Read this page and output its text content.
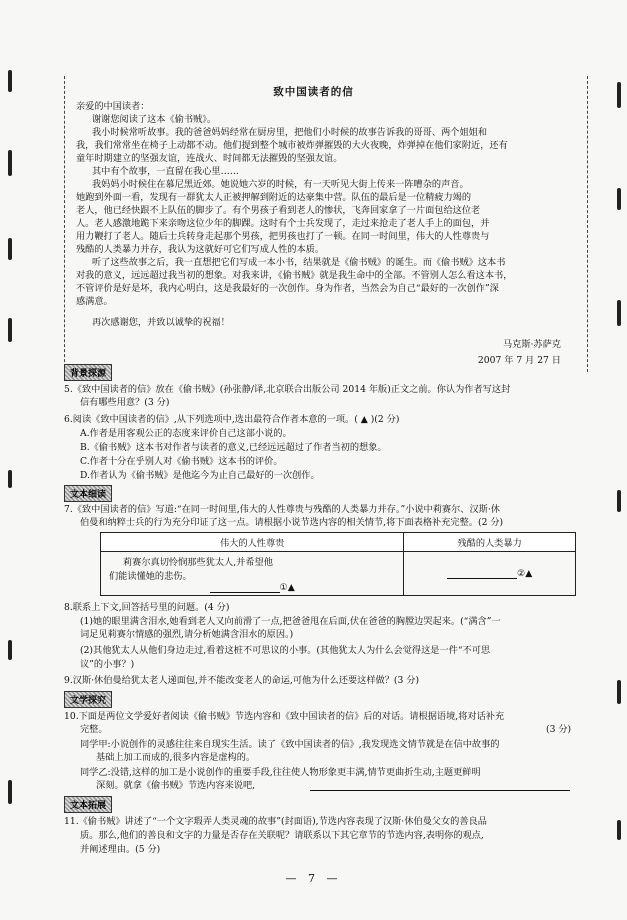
致中国读者的信
亲爱的中国读者：
谢谢您阅读了这本《偷书贼》。
我小时候常听故事。我的爸爸妈妈经常在厨房里，把他们小时候的故事告诉我的哥哥、两个姐姐和
我，我们常常坐在椅子上动都不动。他们提到整个城市被炸弹摧毁的大火夜晚，炸弹掉在他们家附近，还有
童年时期建立的坚强友谊，连战火、时间都无法摧毁的坚强友谊。
其中有个故事，一直留在我心里……
我妈妈小时候住在慕尼黑近郊。她说她六岁的时候，有一天听见大街上传来一阵嘈杂的声音。
她跑到外面一看，发现有一群犹太人正被押解到附近的达豪集中营。队伍的最后是一位精疲力竭的
老人，他已经快跟不上队伍的脚步了。有个男孩子看到老人的惨状，飞奔回家拿了一片面包给这位老
人。老人感激地跪下来亲吻这位少年的脚踝。这时有个士兵发现了，走过来抢走了老人手上的面包，并
用力鞭打了老人。随后士兵转身走起那个男孩，把男孩也打了一顿。在同一时间里，伟大的人性尊贵与
残酷的人类暴力并存，我认为这就好可它们写成人性的本质。
听了这些故事之后，我一直想把它们写成一本小书，结果就是《偷书贼》的诞生。而《偷书贼》这本书
对我的意义，远远超过我当初的想象。对我来讲，《偷书贼》就是我生命中的全部。不管别人怎么看这本书，
不管评价是好是坏，我内心明白，这是我最好的一次创作。身为作者，当然会为自己“最好的一次创作”深
感满意。
再次感谢您，并致以诚挚的祝福！
马克斯·苏萨克
2007 年 7 月 27 日
背景探源
5.《致中国读者的信》放在《偷书贼》(孙张静/译,北京联合出版公司 2014 年版)正文之前。你认为作者写这封
信有哪些用意？(3 分)
6.阅读《致中国读者的信》,从下列选项中,选出最符合作者本意的一项。( ▲ )(2 分)
A.作者是用客观公正的态度来评价自己这部小说的。
B.《偷书贼》这本书对作者与读者的意义,已经远远超过了作者当初的想象。
C.作者十分在乎别人对《偷书贼》这本书的评价。
D.作者认为《偷书贼》是他迄今为止自己最好的一次创作。
文本细读
7.《致中国读者的信》写道:“在同一时间里,伟大的人性尊贵与残酷的人类暴力并存。”小说中莉赛尔、汉斯·休
伯曼和纳粹士兵的行为充分印证了这一点。请根据小说节选内容的相关情节,将下面表格补充完整。(2 分)
伟大的人性尊贵	残酷的人类暴力

莉赛尔真切怜悯那些犹太人,并希望他
们能读懂她的悲伤。
①▲	②▲
8.联系上下文,回答括号里的问题。(4 分)
(1)她的眼里满含泪水,她看到老人又向前滑了一点,把爸爸甩在后面,伏在爸爸的胸膛边哭起来。(“满含”一
词足见莉赛尔情感的强烈,请分析她满含泪水的原因。)
(2)其他犹太人从他们身边走过,看着这桩不可思议的小事。(其他犹太人为什么会觉得这是一件“不可思
议”的小事？)
9.汉斯·休伯曼给犹太老人递面包,并不能改变老人的命运,可他为什么还要这样做？(3 分)
文学探究
10.下面是两位文学爱好者阅读《偷书贼》节选内容和《致中国读者的信》后的对话。请根据语境,将对话补充
完整。	(3 分)
同学甲:小说创作的灵感往往来自现实生活。读了《致中国读者的信》,我发现选文情节就是在信中故事的
基础上加工而成的,很多内容是虚构的。
同学乙:没错,这样的加工是小说创作的重要手段,往往使人物形象更丰满,情节更曲折生动,主题更鲜明
深刻。就拿《偷书贼》节选内容来说吧,
文本拓展
11.《偷书贼》讲述了“一个文字瑕弄人类灵魂的故事”(封面语),节选内容表现了汉斯·休伯曼父女的善良品
质。那么,他们的善良和文字的力量是否存在关联呢？请联系以下其它章节的节选内容,表明你的观点,
并阐述理由。(5 分)
— 7 —
